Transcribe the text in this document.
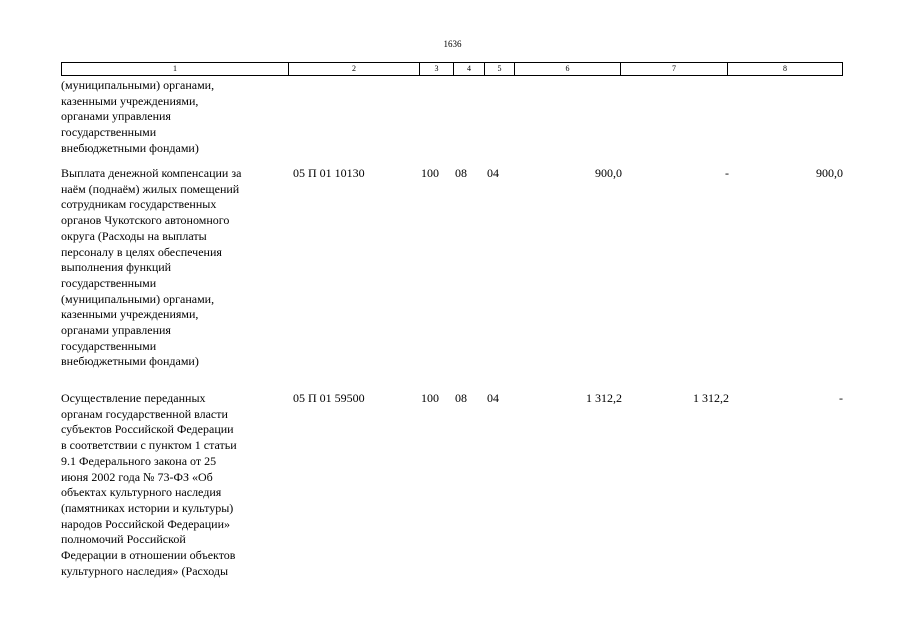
1636
1	2	3	4	5	6	7	8
(муниципальными) органами,
казенными учреждениями,
органами управления
государственными
внебюджетными фондами)
Выплата денежной компенсации за
наём (поднаём) жилых помещений
сотрудникам государственных
органов Чукотского автономного
округа (Расходы на выплаты
персоналу в целях обеспечения
выполнения функций
государственными
(муниципальными) органами,
казенными учреждениями,
органами управления
государственными
внебюджетными фондами)
05 П 01 10130	100 08 04	900,0	-	900,0
Осуществление переданных
органам государственной власти
субъектов Российской Федерации
в соответствии с пунктом 1 статьи
9.1 Федерального закона от 25
июня 2002 года № 73-ФЗ «Об
объектах культурного наследия
(памятниках истории и культуры)
народов Российской Федерации»
полномочий Российской
Федерации в отношении объектов
культурного наследия» (Расходы
05 П 01 59500	100 08 04	1 312,2	1 312,2	-
